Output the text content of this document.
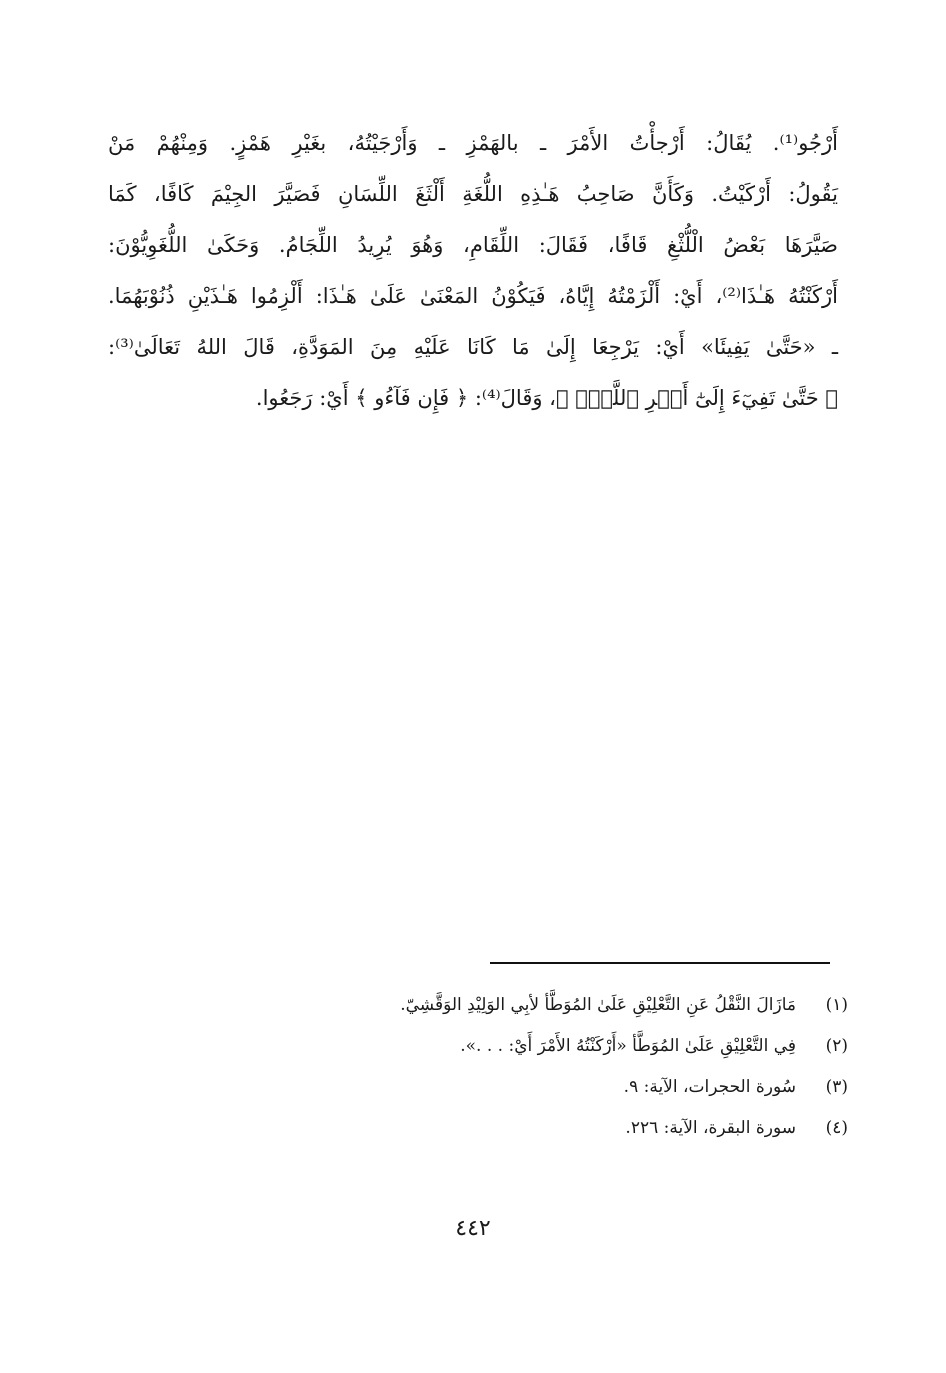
أَرْجُو⁽¹⁾. يُقَالُ: أَرْجأْتُ الأَمْرَ ـ بالهَمْزِ ـ وَأَرْجَيْتُهُ، بغَيْرِ هَمْزٍ. وَمِنْهُمْ مَنْ
يَقُولُ: أَرْكَيْتُ. وَكَأَنَّ صَاحِبُ هَـٰذِهِ اللُّغَةِ أَلْثَغَ اللِّسَانِ فَصَيَّرَ الجِيْمَ كَافًا، كَمَا
صَيَّرَهَا بَعْضُ الْلُّثْغِ قَافًا، فَقَالَ: اللِّقَامِ، وَهُوَ يُرِيدُ اللِّجَامُ. وَحَكَىٰ اللُّغَوِيُّوْنَ:
أَرْكَنْتُهُ هَـٰذَا⁽²⁾، أَيْ: أَلْزَمْتُهُ إِيَّاهُ، فَيَكُوْنُ المَعْنَىٰ عَلَىٰ هَـٰذَا: أَلْزِمُوا هَـٰذَيْنِ ذُنُوْبَهُمَا.
ـ «حَتَّىٰ يَفِيئَا» أَيْ: يَرْجِعَا إِلَىٰ مَا كَانَا عَلَيْهِ مِنَ المَوَدَّةِ، قَالَ اللهُ تَعَالَىٰ⁽³⁾:
﴿ حَتَّىٰ تَفِيٓءَ إِلَىٰٓ أَمۡرِ ٱللَّهِۚ ﴾، وَقَالَ⁽⁴⁾: ﴿ فَإِن فَآءُو ﴾ أَيْ: رَجَعُوا.
(١)
مَازَالَ النَّقْلُ عَنِ التَّعْلِيْقِ عَلَىٰ المُوَطَّأ لأبِي الوَلِيْدِ الوَقَّشِيّ.
(٢)
فِي التَّعْلِيْقِ عَلَىٰ المُوَطَّأ «أَرْكَنْتُهُ الأَمْرَ أَيْ: . . .».
(٣)
سُورة الحجرات، الآية: ٩.
(٤)
سورة البقرة، الآية: ٢٢٦.
٤٤٢
